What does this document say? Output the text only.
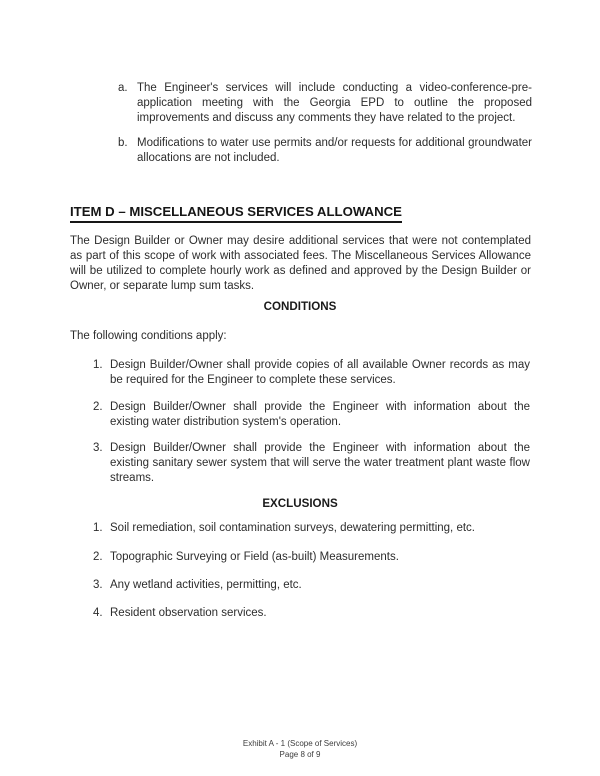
a. The Engineer's services will include conducting a video-conference-pre-application meeting with the Georgia EPD to outline the proposed improvements and discuss any comments they have related to the project.
b. Modifications to water use permits and/or requests for additional groundwater allocations are not included.
ITEM D – MISCELLANEOUS SERVICES ALLOWANCE
The Design Builder or Owner may desire additional services that were not contemplated as part of this scope of work with associated fees. The Miscellaneous Services Allowance will be utilized to complete hourly work as defined and approved by the Design Builder or Owner, or separate lump sum tasks.
CONDITIONS
The following conditions apply:
1. Design Builder/Owner shall provide copies of all available Owner records as may be required for the Engineer to complete these services.
2. Design Builder/Owner shall provide the Engineer with information about the existing water distribution system's operation.
3. Design Builder/Owner shall provide the Engineer with information about the existing sanitary sewer system that will serve the water treatment plant waste flow streams.
EXCLUSIONS
1. Soil remediation, soil contamination surveys, dewatering permitting, etc.
2. Topographic Surveying or Field (as-built) Measurements.
3. Any wetland activities, permitting, etc.
4. Resident observation services.
Exhibit A - 1 (Scope of Services)
Page 8 of 9
